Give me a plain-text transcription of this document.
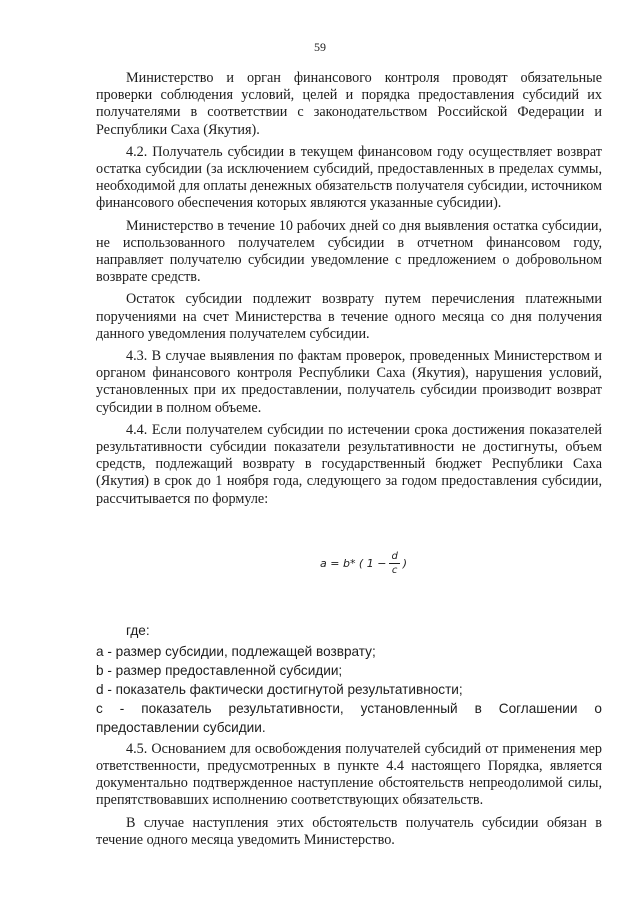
59

Министерство и орган финансового контроля проводят обязательные проверки соблюдения условий, целей и порядка предоставления субсидий их получателями в соответствии с законодательством Российской Федерации и Республики Саха (Якутия).

4.2. Получатель субсидии в текущем финансовом году осуществляет возврат остатка субсидии (за исключением субсидий, предоставленных в пределах суммы, необходимой для оплаты денежных обязательств получателя субсидии, источником финансового обеспечения которых являются указанные субсидии).

Министерство в течение 10 рабочих дней со дня выявления остатка субсидии, не использованного получателем субсидии в отчетном финансовом году, направляет получателю субсидии уведомление с предложением о добровольном возврате средств.

Остаток субсидии подлежит возврату путем перечисления платежными поручениями на счет Министерства в течение одного месяца со дня получения данного уведомления получателем субсидии.

4.3. В случае выявления по фактам проверок, проведенных Министерством и органом финансового контроля Республики Саха (Якутия), нарушения условий, установленных при их предоставлении, получатель субсидии производит возврат субсидии в полном объеме.

4.4. Если получателем субсидии по истечении срока достижения показателей результативности субсидии показатели результативности не достигнуты, объем средств, подлежащий возврату в государственный бюджет Республики Саха (Якутия) в срок до 1 ноября года, следующего за годом предоставления субсидии, рассчитывается по формуле:

a = b * ( $1 - \frac{d}{c}$ )

где:

a - размер субсидии, подлежащей возврату;

b - размер предоставленной субсидии;

d - показатель фактически достигнутой результативности;

с - показатель результативности, установленный в Соглашении о предоставлении субсидии.

4.5. Основанием для освобождения получателей субсидий от применения мер ответственности, предусмотренных в пункте 4.4 настоящего Порядка, является документально подтвержденное наступление обстоятельств непреодолимой силы, препятствовавших исполнению соответствующих обязательств.

В случае наступления этих обстоятельств получатель субсидии обязан в течение одного месяца уведомить Министерство.
